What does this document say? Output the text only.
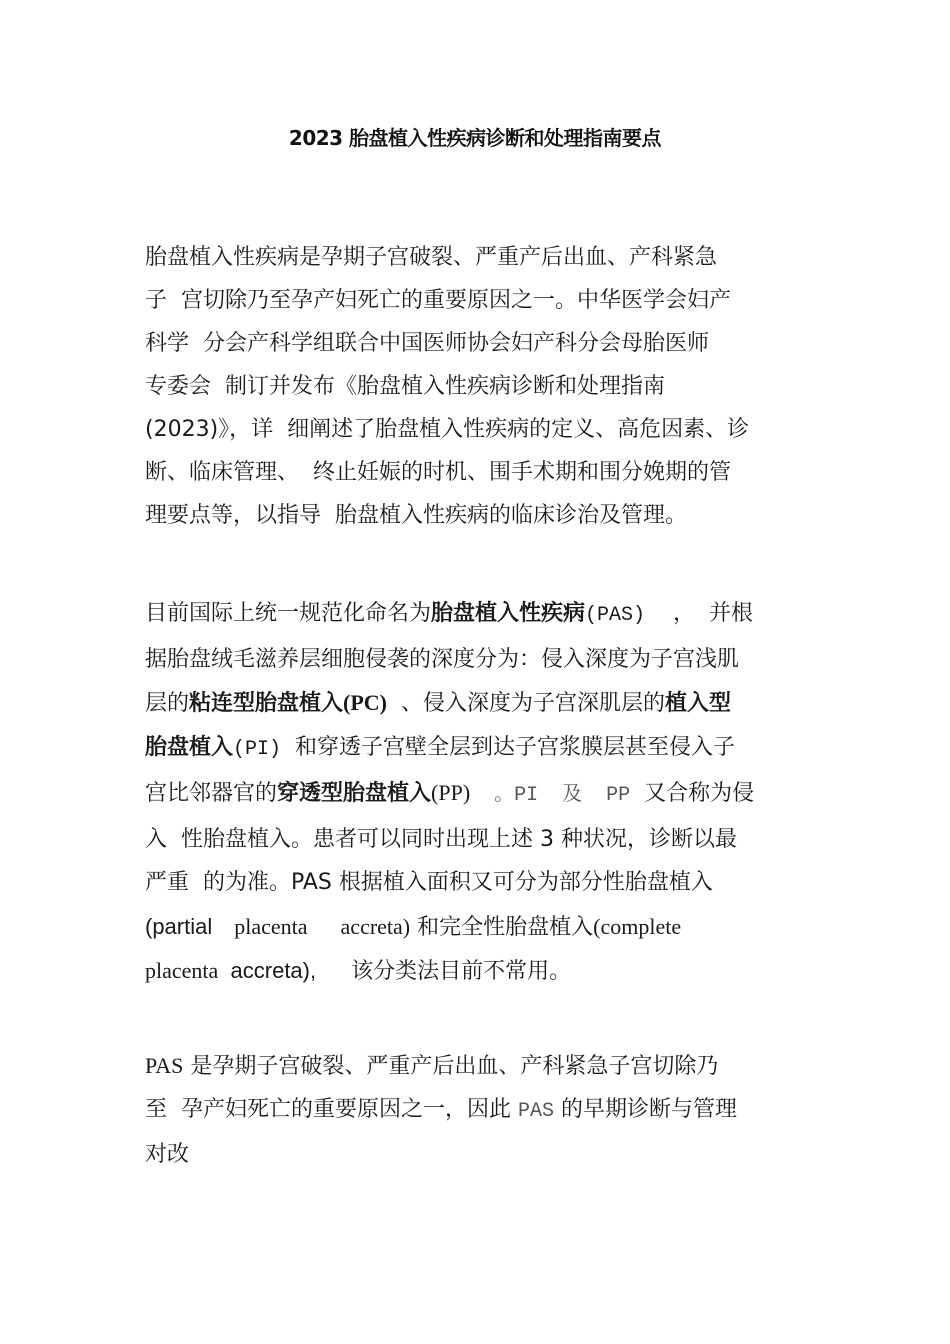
2023 胎盘植入性疾病诊断和处理指南要点
胎盘植入性疾病是孕期子宫破裂、严重产后出血、产科紧急
子  宫切除乃至孕产妇死亡的重要原因之一。中华医学会妇产
科学  分会产科学组联合中国医师协会妇产科分会母胎医师
专委会  制订并发布《胎盘植入性疾病诊断和处理指南
(2023)》，详  细阐述了胎盘植入性疾病的定义、高危因素、诊
断、临床管理、  终止妊娠的时机、围手术期和围分娩期的管
理要点等，以指导  胎盘植入性疾病的临床诊治及管理。
目前国际上统一规范化命名为胎盘植入性疾病(PAS)    ，  并根
据胎盘绒毛滋养层细胞侵袭的深度分为：侵入深度为子宫浅肌
层的粘连型胎盘植入(PC)  、侵入深度为子宫深肌层的植入型
胎盘植入(PI)  和穿透子宫壁全层到达子宫浆膜层甚至侵入子
宫比邻器官的穿透型胎盘植入(PP)  。PI  及  PP  又合称为侵
入  性胎盘植入。患者可以同时出现上述 3 种状况，诊断以最
严重  的为准。PAS 根据植入面积又可分为部分性胎盘植入
(partial    placenta      accreta) 和完全性胎盘植入(complete
placenta  accreta),     该分类法目前不常用。
PAS 是孕期子宫破裂、严重产后出血、产科紧急子宫切除乃
至  孕产妇死亡的重要原因之一，因此 PAS 的早期诊断与管理
对改
